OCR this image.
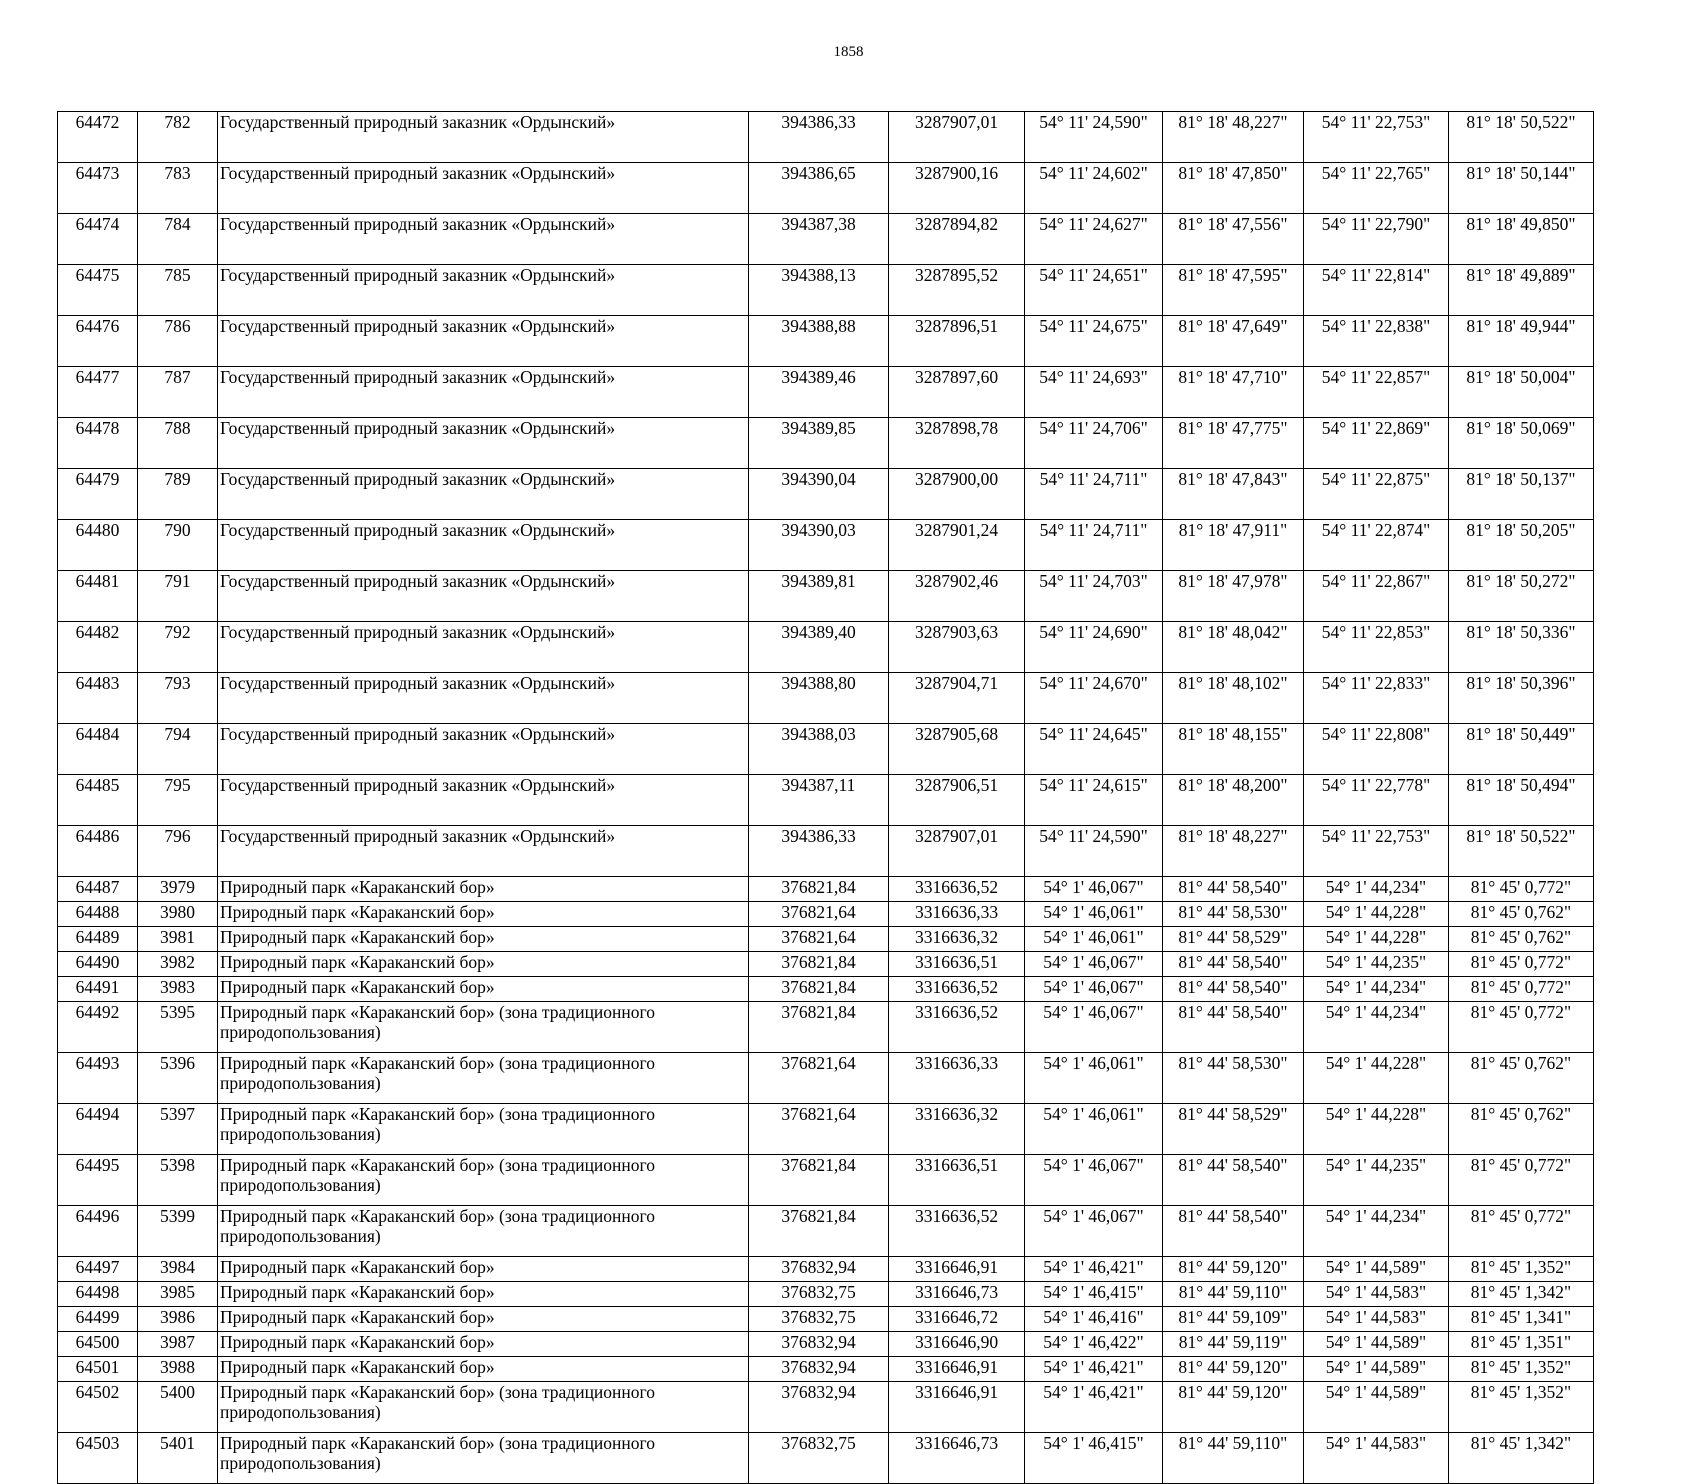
1858
64472	782	Государственный природный заказник «Ордынский»	394386,33	3287907,01	54° 11' 24,590"	81° 18' 48,227"	54° 11' 22,753"	81° 18' 50,522"
64473	783	Государственный природный заказник «Ордынский»	394386,65	3287900,16	54° 11' 24,602"	81° 18' 47,850"	54° 11' 22,765"	81° 18' 50,144"
64474	784	Государственный природный заказник «Ордынский»	394387,38	3287894,82	54° 11' 24,627"	81° 18' 47,556"	54° 11' 22,790"	81° 18' 49,850"
64475	785	Государственный природный заказник «Ордынский»	394388,13	3287895,52	54° 11' 24,651"	81° 18' 47,595"	54° 11' 22,814"	81° 18' 49,889"
64476	786	Государственный природный заказник «Ордынский»	394388,88	3287896,51	54° 11' 24,675"	81° 18' 47,649"	54° 11' 22,838"	81° 18' 49,944"
64477	787	Государственный природный заказник «Ордынский»	394389,46	3287897,60	54° 11' 24,693"	81° 18' 47,710"	54° 11' 22,857"	81° 18' 50,004"
64478	788	Государственный природный заказник «Ордынский»	394389,85	3287898,78	54° 11' 24,706"	81° 18' 47,775"	54° 11' 22,869"	81° 18' 50,069"
64479	789	Государственный природный заказник «Ордынский»	394390,04	3287900,00	54° 11' 24,711"	81° 18' 47,843"	54° 11' 22,875"	81° 18' 50,137"
64480	790	Государственный природный заказник «Ордынский»	394390,03	3287901,24	54° 11' 24,711"	81° 18' 47,911"	54° 11' 22,874"	81° 18' 50,205"
64481	791	Государственный природный заказник «Ордынский»	394389,81	3287902,46	54° 11' 24,703"	81° 18' 47,978"	54° 11' 22,867"	81° 18' 50,272"
64482	792	Государственный природный заказник «Ордынский»	394389,40	3287903,63	54° 11' 24,690"	81° 18' 48,042"	54° 11' 22,853"	81° 18' 50,336"
64483	793	Государственный природный заказник «Ордынский»	394388,80	3287904,71	54° 11' 24,670"	81° 18' 48,102"	54° 11' 22,833"	81° 18' 50,396"
64484	794	Государственный природный заказник «Ордынский»	394388,03	3287905,68	54° 11' 24,645"	81° 18' 48,155"	54° 11' 22,808"	81° 18' 50,449"
64485	795	Государственный природный заказник «Ордынский»	394387,11	3287906,51	54° 11' 24,615"	81° 18' 48,200"	54° 11' 22,778"	81° 18' 50,494"
64486	796	Государственный природный заказник «Ордынский»	394386,33	3287907,01	54° 11' 24,590"	81° 18' 48,227"	54° 11' 22,753"	81° 18' 50,522"
64487	3979	Природный парк «Караканский бор»	376821,84	3316636,52	54° 1' 46,067"	81° 44' 58,540"	54° 1' 44,234"	81° 45' 0,772"
64488	3980	Природный парк «Караканский бор»	376821,64	3316636,33	54° 1' 46,061"	81° 44' 58,530"	54° 1' 44,228"	81° 45' 0,762"
64489	3981	Природный парк «Караканский бор»	376821,64	3316636,32	54° 1' 46,061"	81° 44' 58,529"	54° 1' 44,228"	81° 45' 0,762"
64490	3982	Природный парк «Караканский бор»	376821,84	3316636,51	54° 1' 46,067"	81° 44' 58,540"	54° 1' 44,235"	81° 45' 0,772"
64491	3983	Природный парк «Караканский бор»	376821,84	3316636,52	54° 1' 46,067"	81° 44' 58,540"	54° 1' 44,234"	81° 45' 0,772"
64492	5395	Природный парк «Караканский бор» (зона традиционного природопользования)	376821,84	3316636,52	54° 1' 46,067"	81° 44' 58,540"	54° 1' 44,234"	81° 45' 0,772"
64493	5396	Природный парк «Караканский бор» (зона традиционного природопользования)	376821,64	3316636,33	54° 1' 46,061"	81° 44' 58,530"	54° 1' 44,228"	81° 45' 0,762"
64494	5397	Природный парк «Караканский бор» (зона традиционного природопользования)	376821,64	3316636,32	54° 1' 46,061"	81° 44' 58,529"	54° 1' 44,228"	81° 45' 0,762"
64495	5398	Природный парк «Караканский бор» (зона традиционного природопользования)	376821,84	3316636,51	54° 1' 46,067"	81° 44' 58,540"	54° 1' 44,235"	81° 45' 0,772"
64496	5399	Природный парк «Караканский бор» (зона традиционного природопользования)	376821,84	3316636,52	54° 1' 46,067"	81° 44' 58,540"	54° 1' 44,234"	81° 45' 0,772"
64497	3984	Природный парк «Караканский бор»	376832,94	3316646,91	54° 1' 46,421"	81° 44' 59,120"	54° 1' 44,589"	81° 45' 1,352"
64498	3985	Природный парк «Караканский бор»	376832,75	3316646,73	54° 1' 46,415"	81° 44' 59,110"	54° 1' 44,583"	81° 45' 1,342"
64499	3986	Природный парк «Караканский бор»	376832,75	3316646,72	54° 1' 46,416"	81° 44' 59,109"	54° 1' 44,583"	81° 45' 1,341"
64500	3987	Природный парк «Караканский бор»	376832,94	3316646,90	54° 1' 46,422"	81° 44' 59,119"	54° 1' 44,589"	81° 45' 1,351"
64501	3988	Природный парк «Караканский бор»	376832,94	3316646,91	54° 1' 46,421"	81° 44' 59,120"	54° 1' 44,589"	81° 45' 1,352"
64502	5400	Природный парк «Караканский бор» (зона традиционного природопользования)	376832,94	3316646,91	54° 1' 46,421"	81° 44' 59,120"	54° 1' 44,589"	81° 45' 1,352"
64503	5401	Природный парк «Караканский бор» (зона традиционного природопользования)	376832,75	3316646,73	54° 1' 46,415"	81° 44' 59,110"	54° 1' 44,583"	81° 45' 1,342"
